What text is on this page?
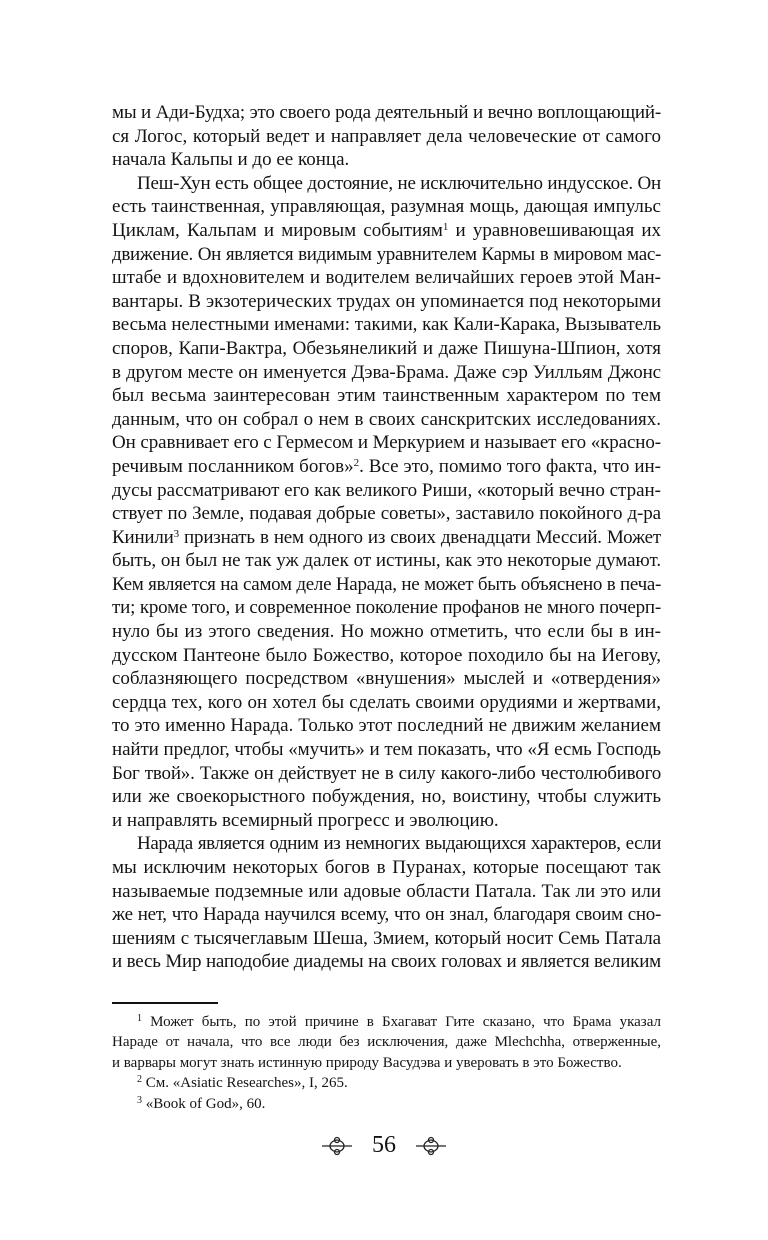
мы и Ади-Будха; это своего рода деятельный и вечно воплощающий-
ся Логос, который ведет и направляет дела человеческие от самого
начала Кальпы и до ее конца.
Пеш-Хун есть общее достояние, не исключительно индусское. Он
есть таинственная, управляющая, разумная мощь, дающая импульс
Циклам, Кальпам и мировым событиям$^1$ и уравновешивающая их
движение. Он является видимым уравнителем Кармы в мировом мас-
штабе и вдохновителем и водителем величайших героев этой Ман-
вантары. В экзотерических трудах он упоминается под некоторыми
весьма нелестными именами: такими, как Кали-Карака, Вызыватель
споров, Капи-Вактра, Обезьянеликий и даже Пишуна-Шпион, хотя
в другом месте он именуется Дэва-Брама. Даже сэр Уилльям Джонс
был весьма заинтересован этим таинственным характером по тем
данным, что он собрал о нем в своих санскритских исследованиях.
Он сравнивает его с Гермесом и Меркурием и называет его «красно-
речивым посланником богов»$^2$. Все это, помимо того факта, что ин-
дусы рассматривают его как великого Риши, «который вечно стран-
ствует по Земле, подавая добрые советы», заставило покойного д-ра
Кинили$^3$ признать в нем одного из своих двенадцати Мессий. Может
быть, он был не так уж далек от истины, как это некоторые думают.
Кем является на самом деле Нарада, не может быть объяснено в печа-
ти; кроме того, и современное поколение профанов не много почерп-
нуло бы из этого сведения. Но можно отметить, что если бы в ин-
дусском Пантеоне было Божество, которое походило бы на Иегову,
соблазняющего посредством «внушения» мыслей и «отвердения»
сердца тех, кого он хотел бы сделать своими орудиями и жертвами,
то это именно Нарада. Только этот последний не движим желанием
найти предлог, чтобы «мучить» и тем показать, что «Я есмь Господь
Бог твой». Также он действует не в силу какого-либо честолюбивого
или же своекорыстного побуждения, но, воистину, чтобы служить
и направлять всемирный прогресс и эволюцию.
Нарада является одним из немногих выдающихся характеров, если
мы исключим некоторых богов в Пуранах, которые посещают так
называемые подземные или адовые области Патала. Так ли это или
же нет, что Нарада научился всему, что он знал, благодаря своим сно-
шениям с тысячеглавым Шеша, Змием, который носит Семь Патала
и весь Мир наподобие диадемы на своих головах и является великим
$^1$ Может быть, по этой причине в Бхагават Гите сказано, что Брама указал
Нараде от начала, что все люди без исключения, даже Mlechchha, отверженные,
и варвары могут знать истинную природу Васудэва и уверовать в это Божество.
$^2$ См. «Asiatic Researches», I, 265.
$^3$ «Book of God», 60.
56
